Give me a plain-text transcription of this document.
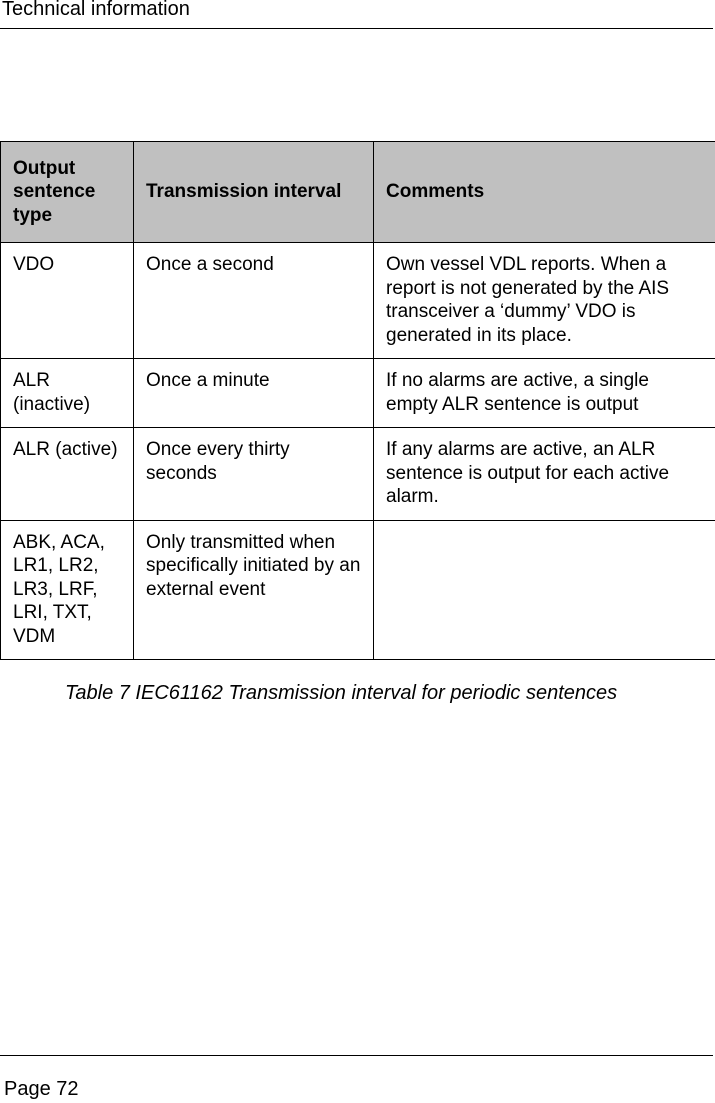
Technical information
Output sentence type	Transmission interval	Comments
VDO	Once a second	Own vessel VDL reports. When a report is not generated by the AIS transceiver a ‘dummy’ VDO is generated in its place.
ALR (inactive)	Once a minute	If no alarms are active, a single empty ALR sentence is output
ALR (active)	Once every thirty seconds	If any alarms are active, an ALR sentence is output for each active alarm.
ABK, ACA, LR1, LR2, LR3, LRF, LRI, TXT, VDM	Only transmitted when specifically initiated by an external event	
Table 7 IEC61162 Transmission interval for periodic sentences
Page 72
